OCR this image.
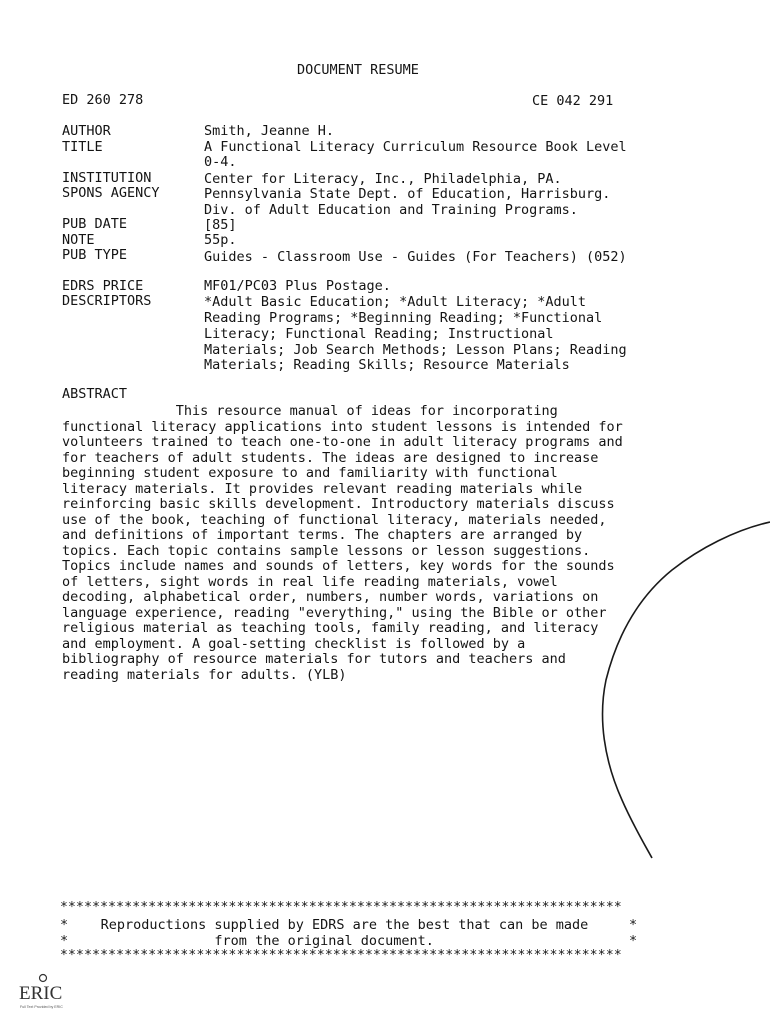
DOCUMENT RESUME
ED 260 278	CE 042 291
AUTHOR	Smith, Jeanne H.
TITLE	A Functional Literacy Curriculum Resource Book Level
0-4.
INSTITUTION	Center for Literacy, Inc., Philadelphia, PA.
SPONS AGENCY	Pennsylvania State Dept. of Education, Harrisburg.
Div. of Adult Education and Training Programs.
PUB DATE	[85]
NOTE	55p.
PUB TYPE	Guides - Classroom Use - Guides (For Teachers) (052)
EDRS PRICE	MF01/PC03 Plus Postage.
DESCRIPTORS	*Adult Basic Education; *Adult Literacy; *Adult
Reading Programs; *Beginning Reading; *Functional
Literacy; Functional Reading; Instructional
Materials; Job Search Methods; Lesson Plans; Reading
Materials; Reading Skills; Resource Materials
ABSTRACT
This resource manual of ideas for incorporating
functional literacy applications into student lessons is intended for
volunteers trained to teach one-to-one in adult literacy programs and
for teachers of adult students. The ideas are designed to increase
beginning student exposure to and familiarity with functional
literacy materials. It provides relevant reading materials while
reinforcing basic skills development. Introductory materials discuss
use of the book, teaching of functional literacy, materials needed,
and definitions of important terms. The chapters are arranged by
topics. Each topic contains sample lessons or lesson suggestions.
Topics include names and sounds of letters, key words for the sounds
of letters, sight words in real life reading materials, vowel
decoding, alphabetical order, numbers, number words, variations on
language experience, reading "everything," using the Bible or other
religious material as teaching tools, family reading, and literacy
and employment. A goal-setting checklist is followed by a
bibliography of resource materials for tutors and teachers and
reading materials for adults. (YLB)
**********************************************************************
*    Reproductions supplied by EDRS are the best that can be made     *
*                  from the original document.                        *
**********************************************************************
ERIC
Full Text Provided by ERIC
